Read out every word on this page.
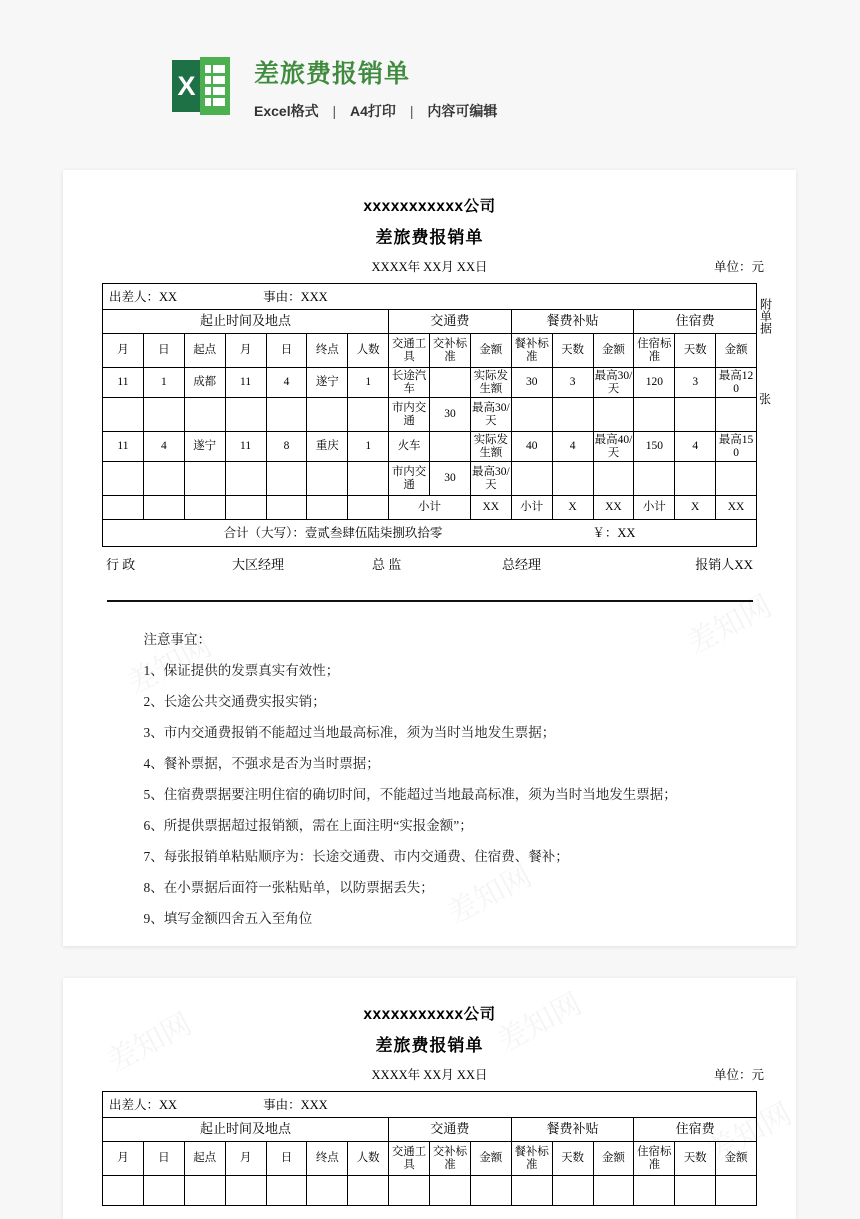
X 差旅费报销单
Excel格式 | A4打印 | 内容可编辑
xxxxxxxxxxx公司
差旅费报销单
XXXX年 XX月 XX日	单位：元
附单据
张
出差人：XX 事由：XXX															
起止时间及地点							交通费			餐费补贴			住宿费		
月	日	起点	月	日	终点	人数	交通工具	交补标准	金额	餐补标准	天数	金额	住宿标准	天数	金额
11	1	成都	11	4	遂宁	1	长途汽车		实际发生额	30	3	最高30/天	120	3	最高120
							市内交通	30	最高30/天						
11	4	遂宁	11	8	重庆	1	火车		实际发生额	40	4	最高40/天	150	4	最高150
							市内交通	30	最高30/天						
							小计		XX	小计	X	XX	小计	X	XX
合计（大写）：壹贰叁肆伍陆柒捌玖拾零 ￥：XX															
行 政	大区经理	总 监	总经理	报销人XX
注意事宜：
1、保证提供的发票真实有效性；
2、长途公共交通费实报实销；
3、市内交通费报销不能超过当地最高标准，须为当时当地发生票据；
4、餐补票据，不强求是否为当时票据；
5、住宿费票据要注明住宿的确切时间，不能超过当地最高标准，须为当时当地发生票据；
6、所提供票据超过报销额，需在上面注明“实报金额”；
7、每张报销单粘贴顺序为：长途交通费、市内交通费、住宿费、餐补；
8、在小票据后面符一张粘贴单，以防票据丢失；
9、填写金额四舍五入至角位
xxxxxxxxxxx公司
差旅费报销单
XXXX年 XX月 XX日	单位：元
出差人：XX 事由：XXX															
起止时间及地点							交通费			餐费补贴			住宿费		
月	日	起点	月	日	终点	人数	交通工具	交补标准	金额	餐补标准	天数	金额	住宿标准	天数	金额
